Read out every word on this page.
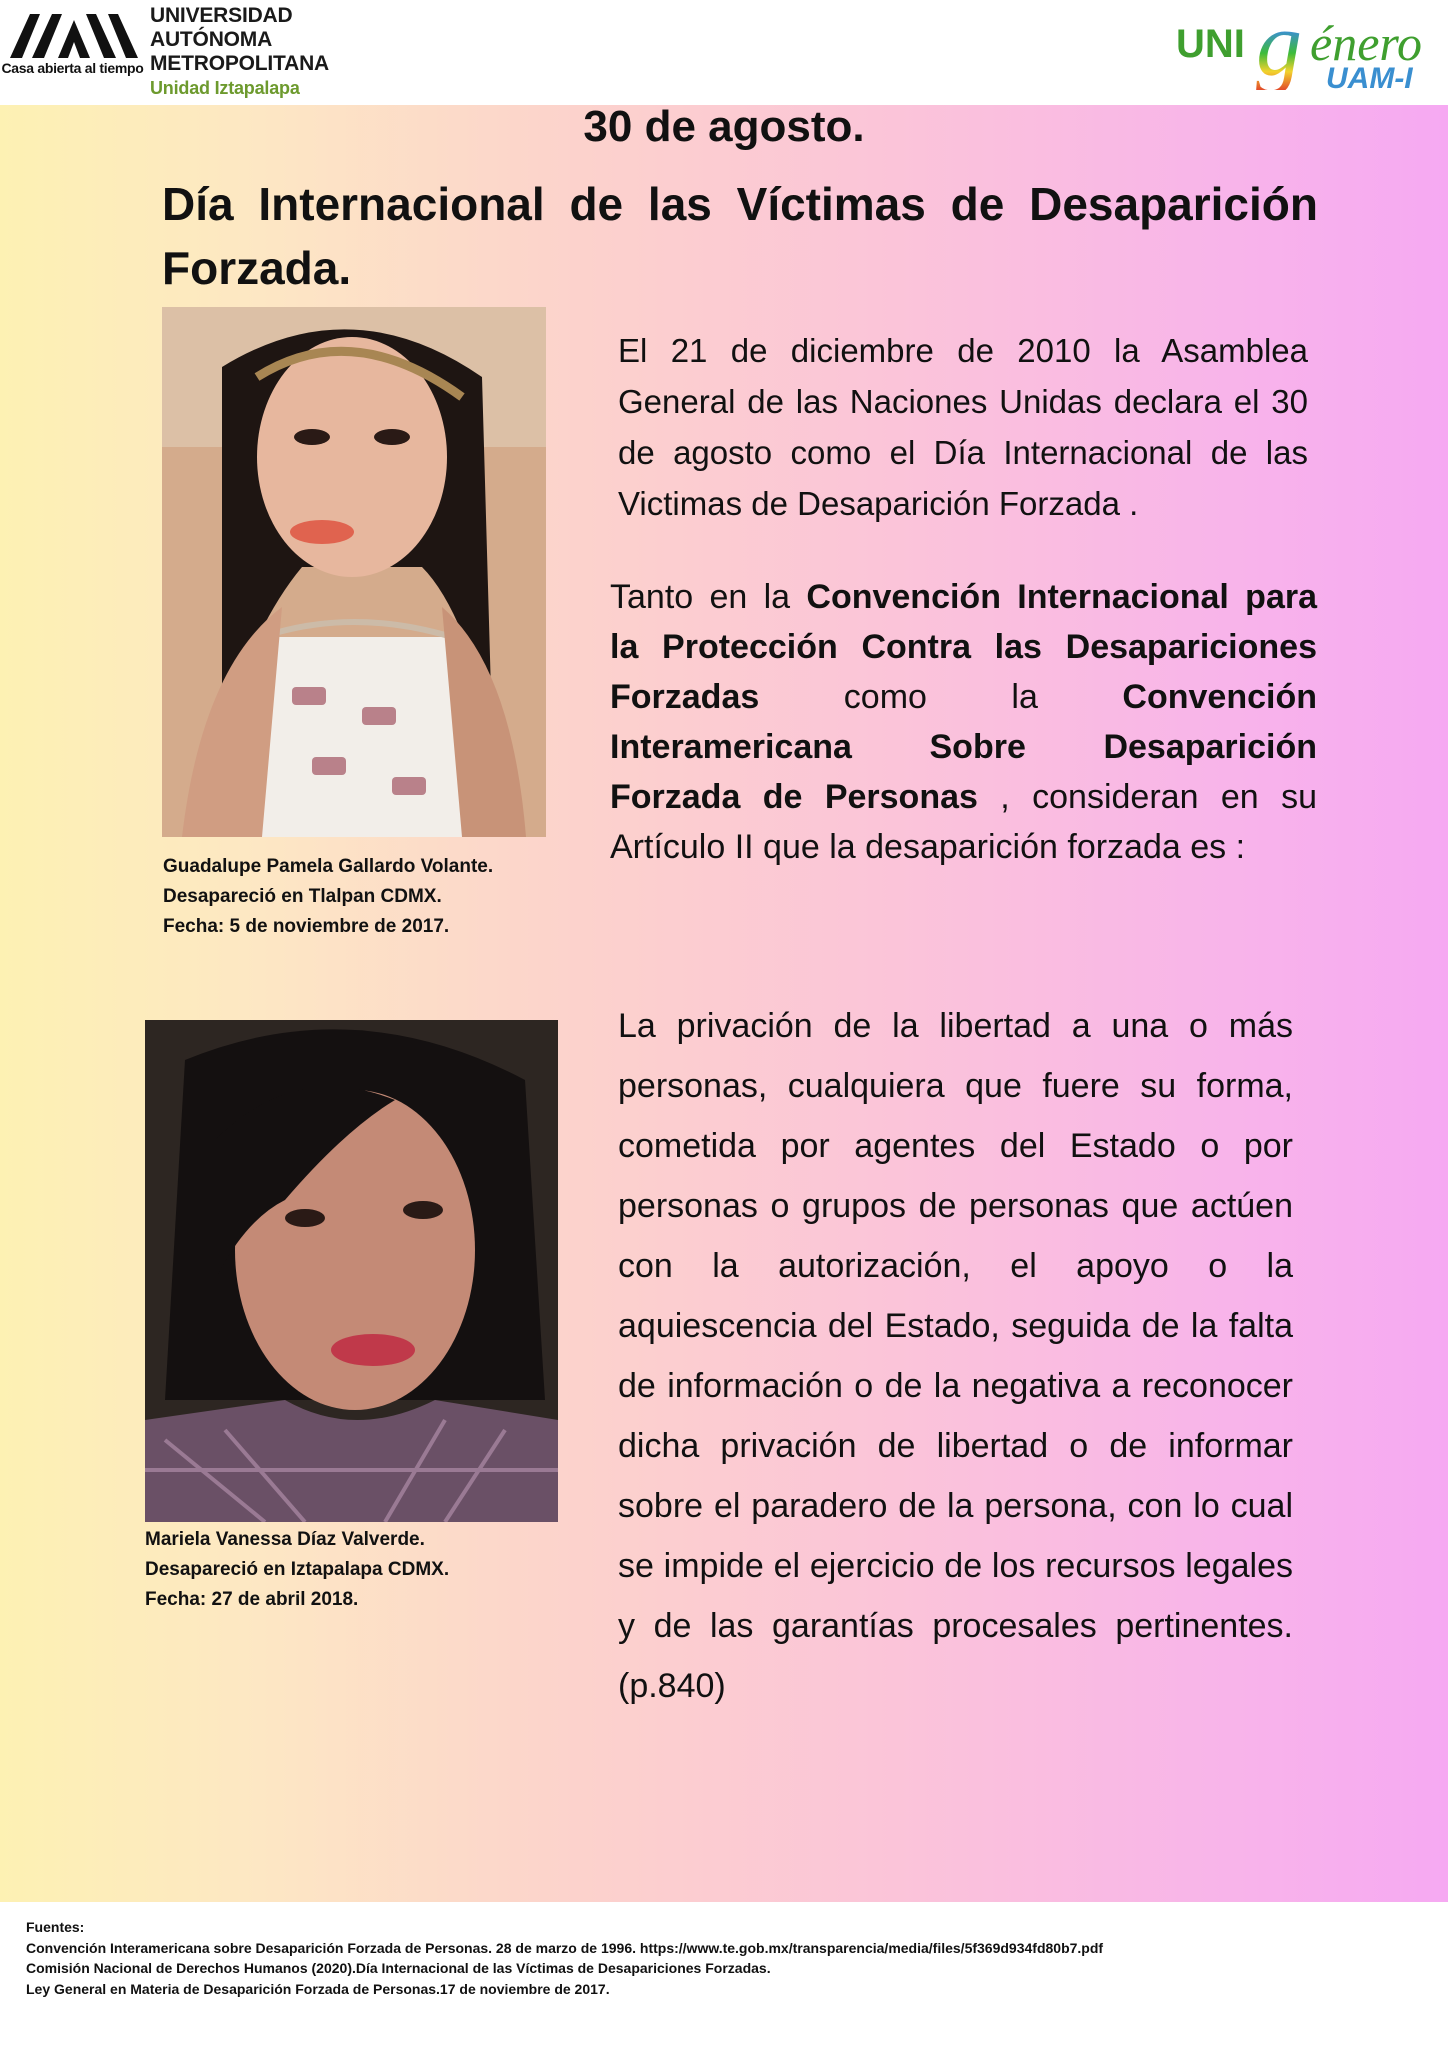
Casa abierta al tiempo
UNIVERSIDAD
AUTÓNOMA
METROPOLITANA
Unidad Iztapalapa
UNI g énero
UAM-I
30 de agosto.
Día Internacional de las Víctimas de Desaparición Forzada.
Guadalupe Pamela Gallardo Volante.
Desapareció en Tlalpan CDMX.
Fecha: 5 de noviembre de 2017.
Mariela Vanessa Díaz Valverde.
Desapareció en Iztapalapa CDMX.
Fecha: 27 de abril 2018.
El 21 de diciembre de 2010 la Asamblea General de las Naciones Unidas declara el 30 de agosto como el Día Internacional de las Victimas de Desaparición Forzada .
Tanto en la Convención Internacional para la Protección Contra las Desapariciones Forzadas como la Convención Interamericana Sobre Desaparición Forzada de Personas , consideran en su Artículo II que la desaparición forzada es :
La privación de la libertad a una o más personas, cualquiera que fuere su forma, cometida por agentes del Estado o por personas o grupos de personas que actúen con la autorización, el apoyo o la aquiescencia del Estado, seguida de la falta de información o de la negativa a reconocer dicha privación de libertad o de informar sobre el paradero de la persona, con lo cual se impide el ejercicio de los recursos legales y de las garantías procesales pertinentes. (p.840)
Fuentes:
Convención Interamericana sobre Desaparición Forzada de Personas. 28 de marzo de 1996. https://www.te.gob.mx/transparencia/media/files/5f369d934fd80b7.pdf
Comisión Nacional de Derechos Humanos (2020).Día Internacional de las Víctimas de Desapariciones Forzadas.
Ley General en Materia de Desaparición Forzada de Personas.17 de noviembre de 2017.
